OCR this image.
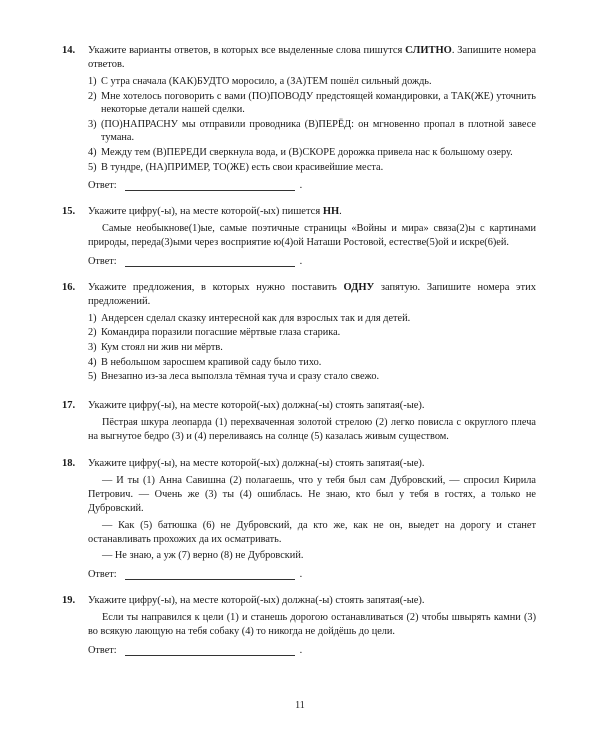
14.	Укажите варианты ответов, в которых все выделенные слова пишутся СЛИТНО. Запишите номера ответов.
1) С утра сначала (КАК)БУДТО моросило, а (ЗА)ТЕМ пошёл сильный дождь.
2) Мне хотелось поговорить с вами (ПО)ПОВОДУ предстоящей командировки, а ТАК(ЖЕ) уточнить некоторые детали нашей сделки.
3) (ПО)НАПРАСНУ мы отправили проводника (В)ПЕРЁД: он мгновенно пропал в плотной завесе тумана.
4) Между тем (В)ПЕРЕДИ сверкнула вода, и (В)СКОРЕ дорожка привела нас к большому озеру.
5) В тундре, (НА)ПРИМЕР, ТО(ЖЕ) есть свои красивейшие места.
Ответ:	.
15.	Укажите цифру(-ы), на месте которой(-ых) пишется НН.
Самые необыкнове(1)ые, самые поэтичные страницы «Войны и мира» связа(2)ы с картинами природы, переда(3)ыми через восприятие ю(4)ой Наташи Ростовой, естестве(5)ой и искре(6)ей.
Ответ:	.
16.	Укажите предложения, в которых нужно поставить ОДНУ запятую. Запишите номера этих предложений.
1) Андерсен сделал сказку интересной как для взрослых так и для детей.
2) Командира поразили погасшие мёртвые глаза старика.
3) Кум стоял ни жив ни мёртв.
4) В небольшом заросшем крапивой саду было тихо.
5) Внезапно из-за леса выползла тёмная туча и сразу стало свежо.
17.	Укажите цифру(-ы), на месте которой(-ых) должна(-ы) стоять запятая(-ые).
Пёстрая шкура леопарда (1) перехваченная золотой стрелою (2) легко повисла с округлого плеча на выгнутое бедро (3) и (4) переливаясь на солнце (5) казалась живым существом.
18.	Укажите цифру(-ы), на месте которой(-ых) должна(-ы) стоять запятая(-ые).
— И ты (1) Анна Савишна (2) полагаешь, что у тебя был сам Дубровский, — спросил Кирила Петрович. — Очень же (3) ты (4) ошиблась. Не знаю, кто был у тебя в гостях, а только не Дубровский.
— Как (5) батюшка (6) не Дубровский, да кто же, как не он, выедет на дорогу и станет останавливать прохожих да их осматривать.
— Не знаю, а уж (7) верно (8) не Дубровский.
Ответ:	.
19.	Укажите цифру(-ы), на месте которой(-ых) должна(-ы) стоять запятая(-ые).
Если ты направился к цели (1) и станешь дорогою останавливаться (2) чтобы швырять камни (3) во всякую лающую на тебя собаку (4) то никогда не дойдёшь до цели.
Ответ:	.
11
